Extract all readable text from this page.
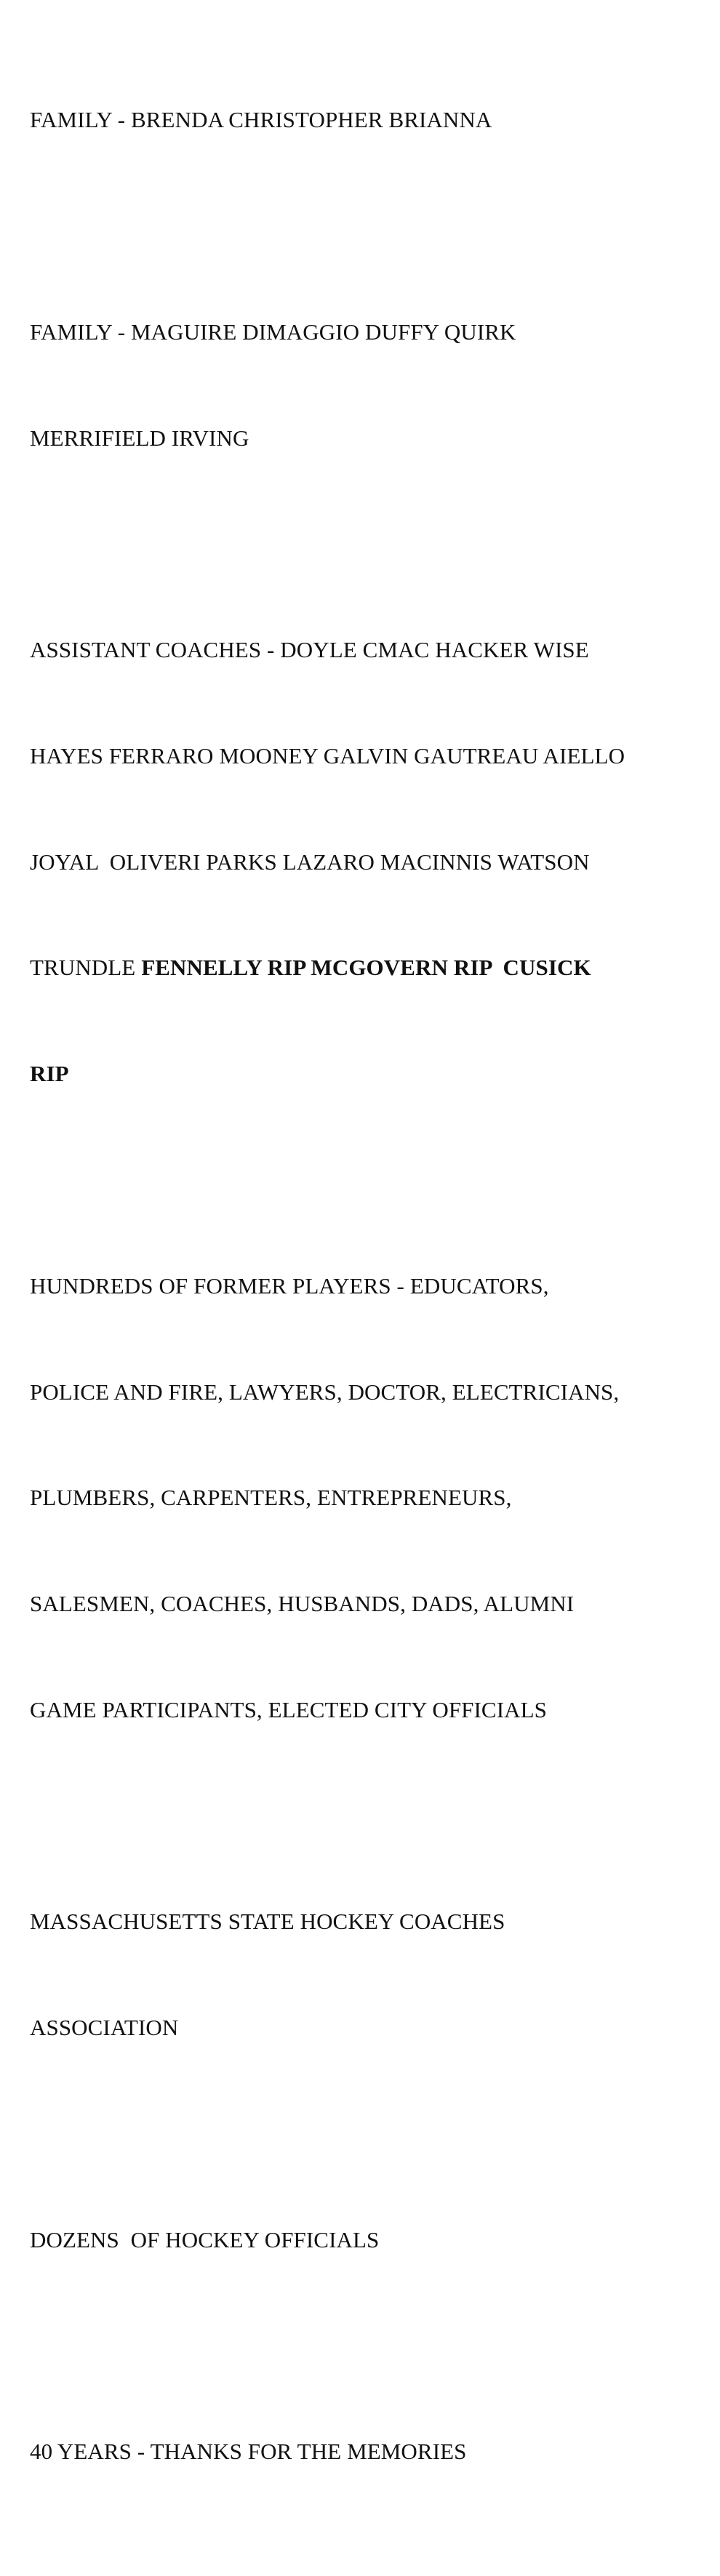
FAMILY - BRENDA CHRISTOPHER BRIANNA

FAMILY - MAGUIRE DIMAGGIO DUFFY QUIRK

MERRIFIELD IRVING

ASSISTANT COACHES - DOYLE CMAC HACKER WISE

HAYES FERRARO MOONEY GALVIN GAUTREAU AIELLO

JOYAL  OLIVERI PARKS LAZARO MACINNIS WATSON

TRUNDLE FENNELLY RIP MCGOVERN RIP  CUSICK

RIP

HUNDREDS OF FORMER PLAYERS - EDUCATORS,

POLICE AND FIRE, LAWYERS, DOCTOR, ELECTRICIANS,

PLUMBERS, CARPENTERS, ENTREPRENEURS,

SALESMEN, COACHES, HUSBANDS, DADS, ALUMNI

GAME PARTICIPANTS, ELECTED CITY OFFICIALS

MASSACHUSETTS STATE HOCKEY COACHES

ASSOCIATION

DOZENS  OF HOCKEY OFFICIALS

40 YEARS - THANKS FOR THE MEMORIES
